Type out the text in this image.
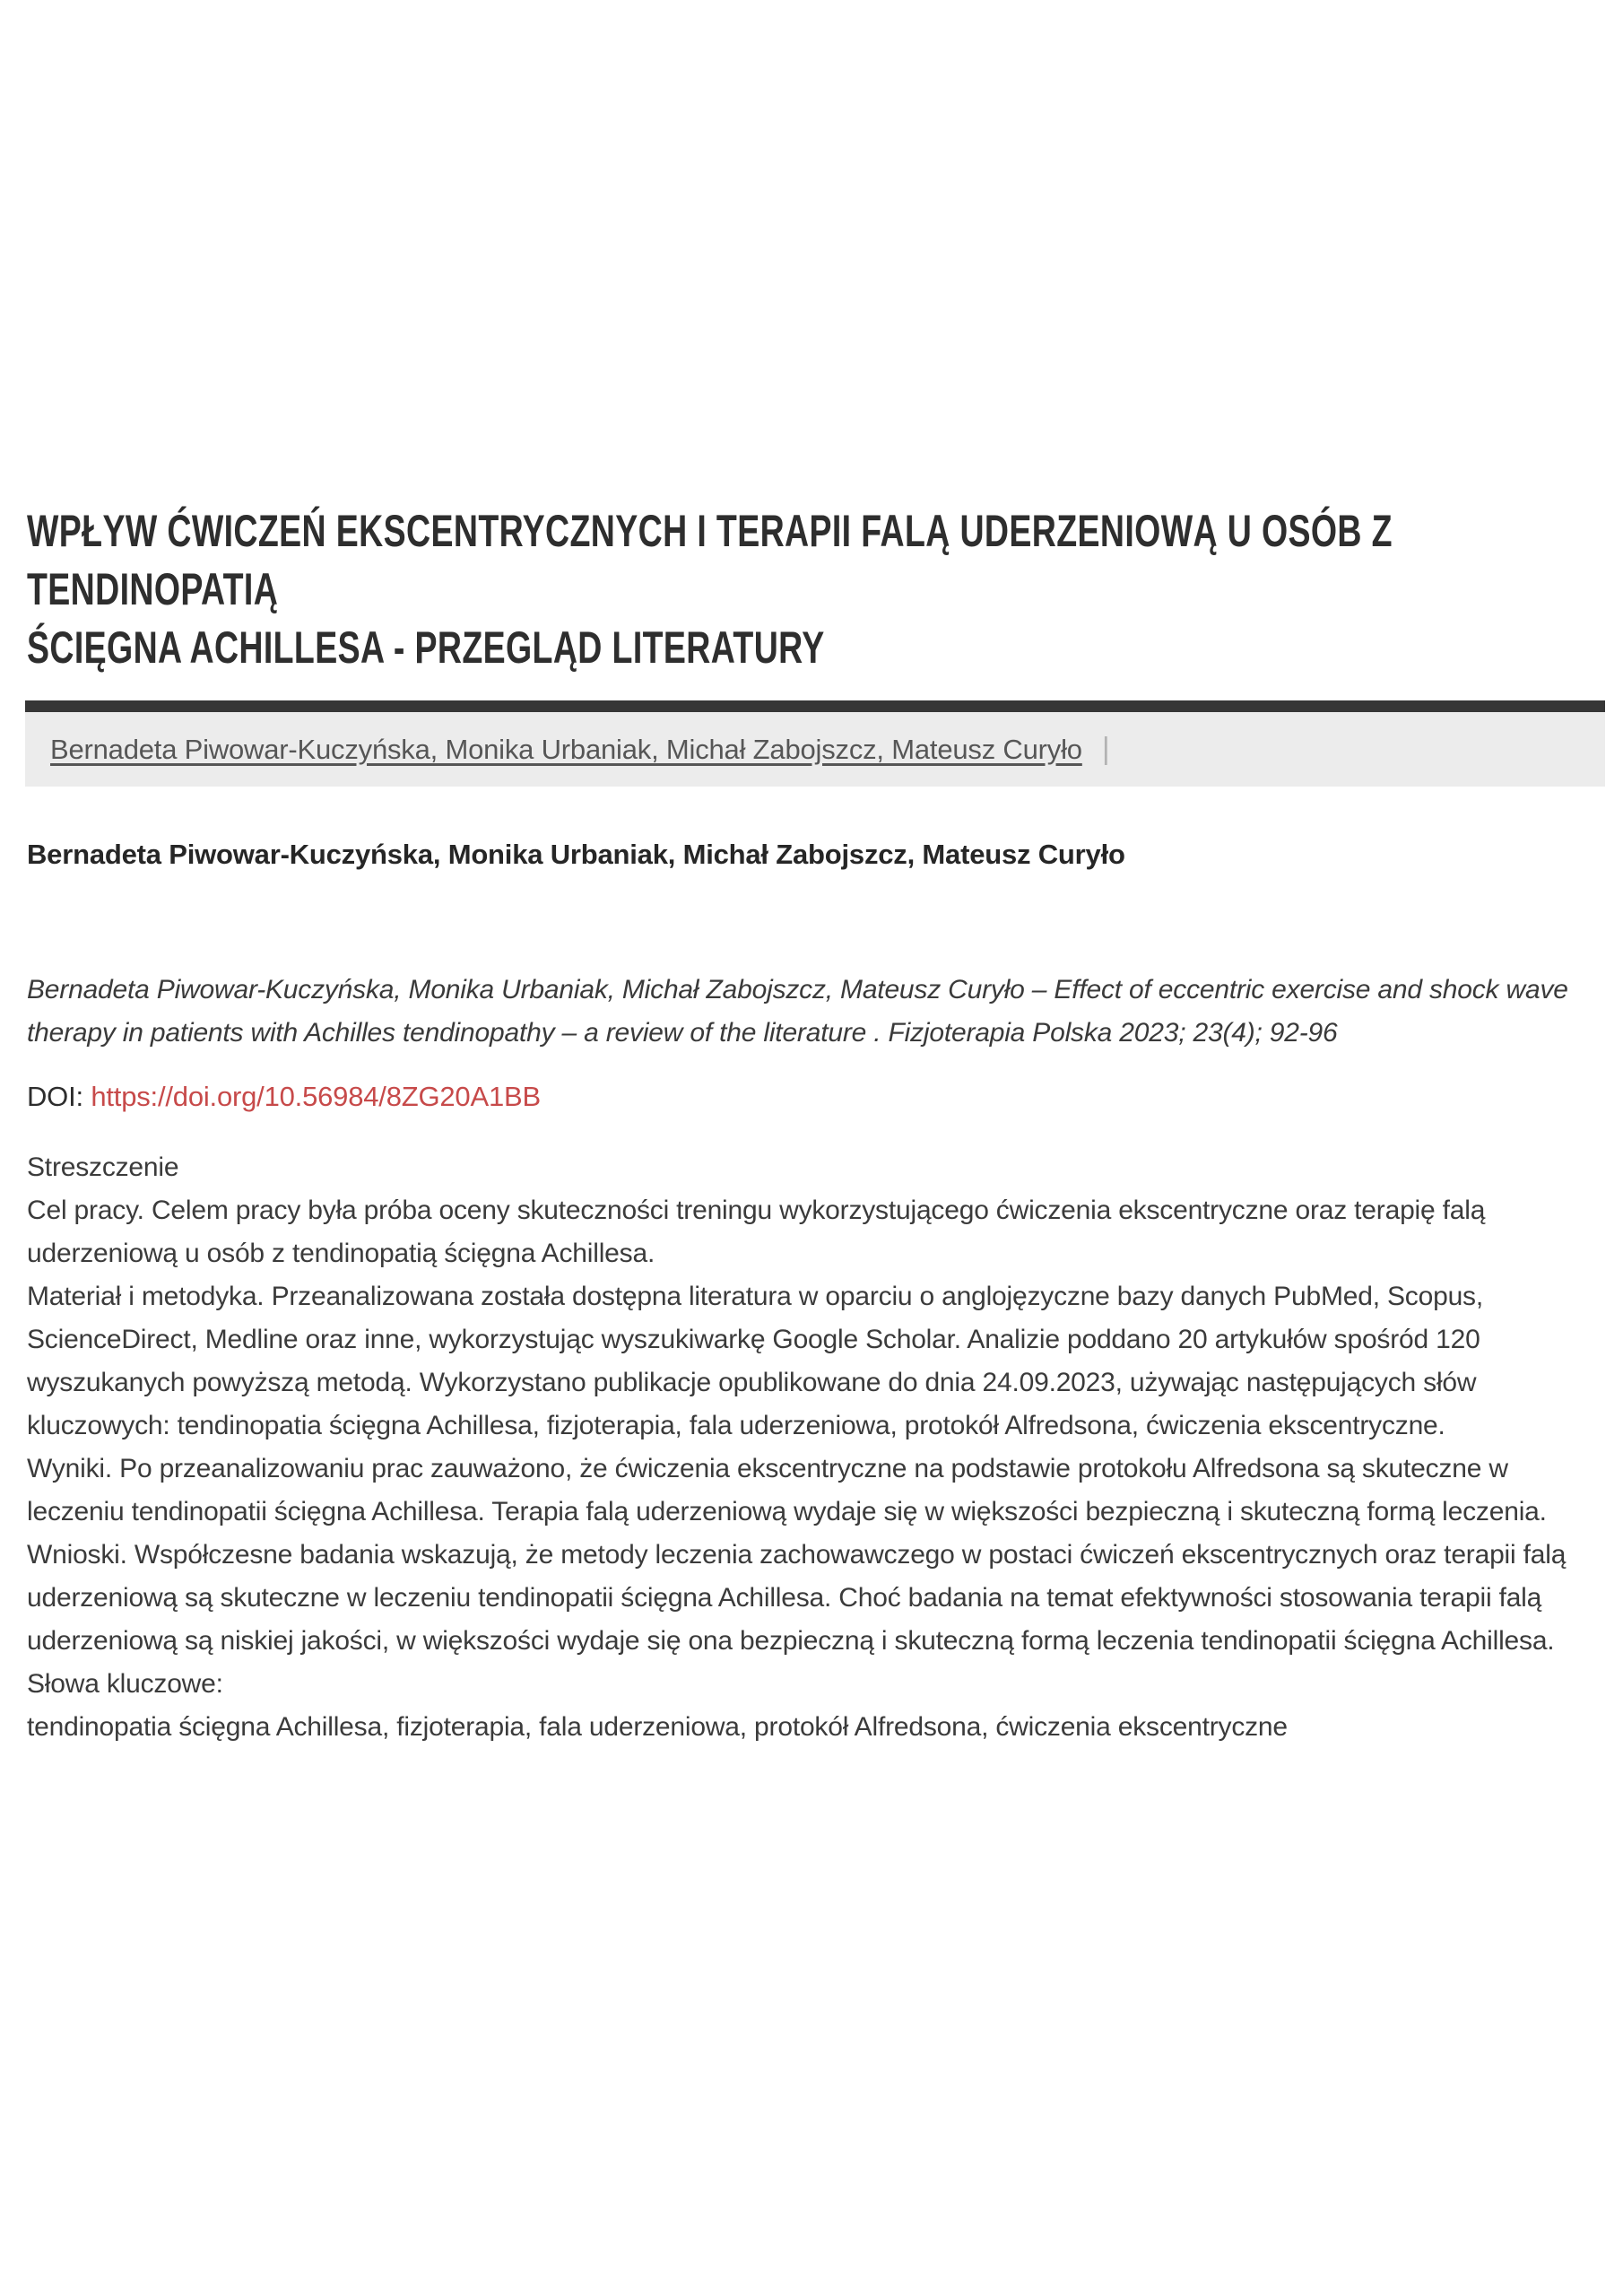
WPŁYW ĆWICZEŃ EKSCENTRYCZNYCH I TERAPII FALĄ UDERZENIOWĄ U OSÓB Z TENDINOPATIĄ
ŚCIĘGNA ACHILLESA - PRZEGLĄD LITERATURY
Bernadeta Piwowar-Kuczyńska, Monika Urbaniak, Michał Zabojszcz, Mateusz Curyło |
Bernadeta Piwowar-Kuczyńska, Monika Urbaniak, Michał Zabojszcz, Mateusz Curyło

Bernadeta Piwowar-Kuczyńska, Monika Urbaniak, Michał Zabojszcz, Mateusz Curyło – Effect of eccentric exercise and shock wave therapy in patients with Achilles tendinopathy – a review of the literature . Fizjoterapia Polska 2023; 23(4); 92-96

DOI: https://doi.org/10.56984/8ZG20A1BB

Streszczenie

Cel pracy. Celem pracy była próba oceny skuteczności treningu wykorzystującego ćwiczenia ekscentryczne oraz terapię falą uderzeniową u osób z tendinopatią ścięgna Achillesa.

Materiał i metodyka. Przeanalizowana została dostępna literatura w oparciu o anglojęzyczne bazy danych PubMed, Scopus, ScienceDirect, Medline oraz inne, wykorzystując wyszukiwarkę Google Scholar. Analizie poddano 20 artykułów spośród 120 wyszukanych powyższą metodą. Wykorzystano publikacje opublikowane do dnia 24.09.2023, używając następujących słów kluczowych: tendinopatia ścięgna Achillesa, fizjoterapia, fala uderzeniowa, protokół Alfredsona, ćwiczenia ekscentryczne.

Wyniki. Po przeanalizowaniu prac zauważono, że ćwiczenia ekscentryczne na podstawie protokołu Alfredsona są skuteczne w leczeniu tendinopatii ścięgna Achillesa. Terapia falą uderzeniową wydaje się w większości bezpieczną i skuteczną formą leczenia.

Wnioski. Współczesne badania wskazują, że metody leczenia zachowawczego w postaci ćwiczeń ekscentrycznych oraz terapii falą uderzeniową są skuteczne w leczeniu tendinopatii ścięgna Achillesa. Choć badania na temat efektywności stosowania terapii falą uderzeniową są niskiej jakości, w większości wydaje się ona bezpieczną i skuteczną formą leczenia tendinopatii ścięgna Achillesa.

Słowa kluczowe:

tendinopatia ścięgna Achillesa, fizjoterapia, fala uderzeniowa, protokół Alfredsona, ćwiczenia ekscentryczne
